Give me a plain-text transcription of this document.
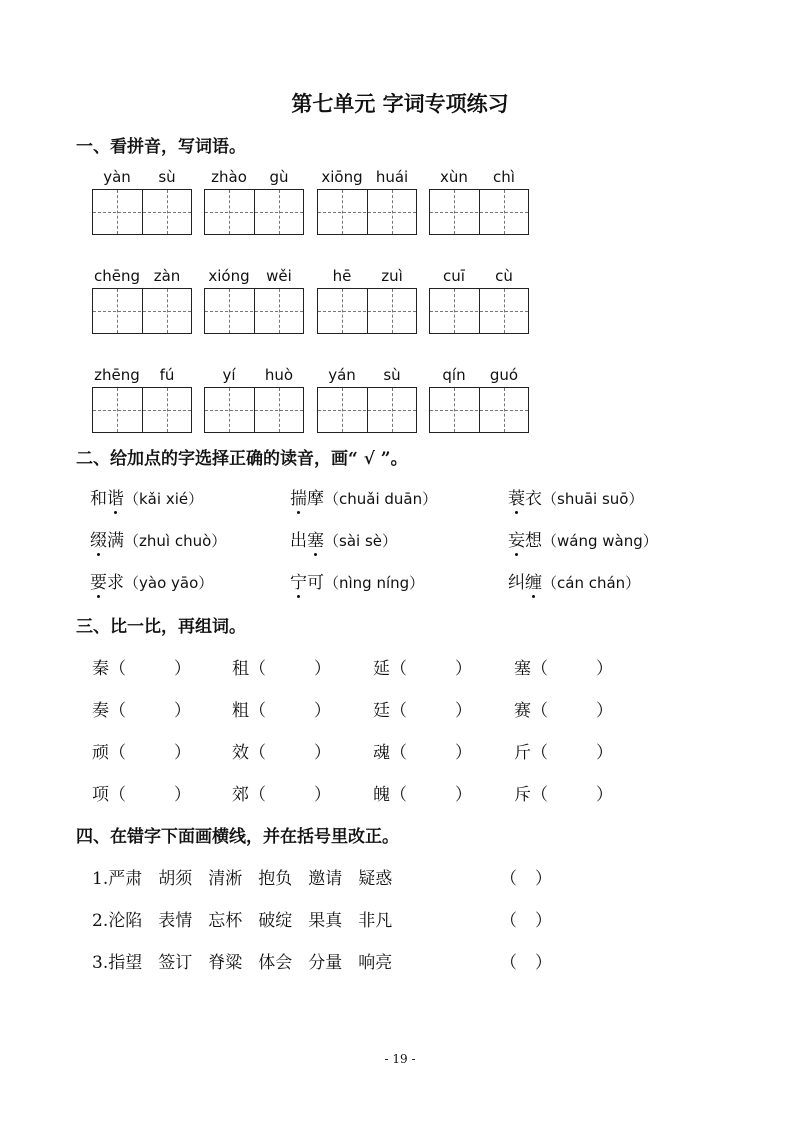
第七单元 字词专项练习
一、看拼音，写词语。
yàn	sù	zhào	gù	xiōng huái	xùn	chì
chēng zàn	xióng	wěi	hē	zuì	cuī	cù
zhēng	fú	yí	huò	yán	sù	qín	guó
二、给加点的字选择正确的读音，画“ √ ”。
和谐（kǎi xié）	揣摩（chuǎi duān）	蓑衣（shuāi suō）
缀满（zhuì chuò）	出塞（sài sè）	妄想（wáng wàng）
要求（yào yāo）	宁可（nìng níng）	纠缠（cán chán）
三、比一比，再组词。
秦（	） 租（	） 延（	） 塞（	）
奏（	） 粗（	） 廷（	） 赛（	）
顽（	） 效（	） 魂（	） 斤（	）
项（	） 郊（	） 魄（	） 斥（	）
四、在错字下面画横线，并在括号里改正。
1.严肃 胡须 清淅 抱负 邀请 疑惑	（ ）
2.沦陷 表情 忘杯 破绽 果真 非凡	（ ）
3.指望 签订 脊粱 体会 分量 响亮	（ ）
- 19 -
